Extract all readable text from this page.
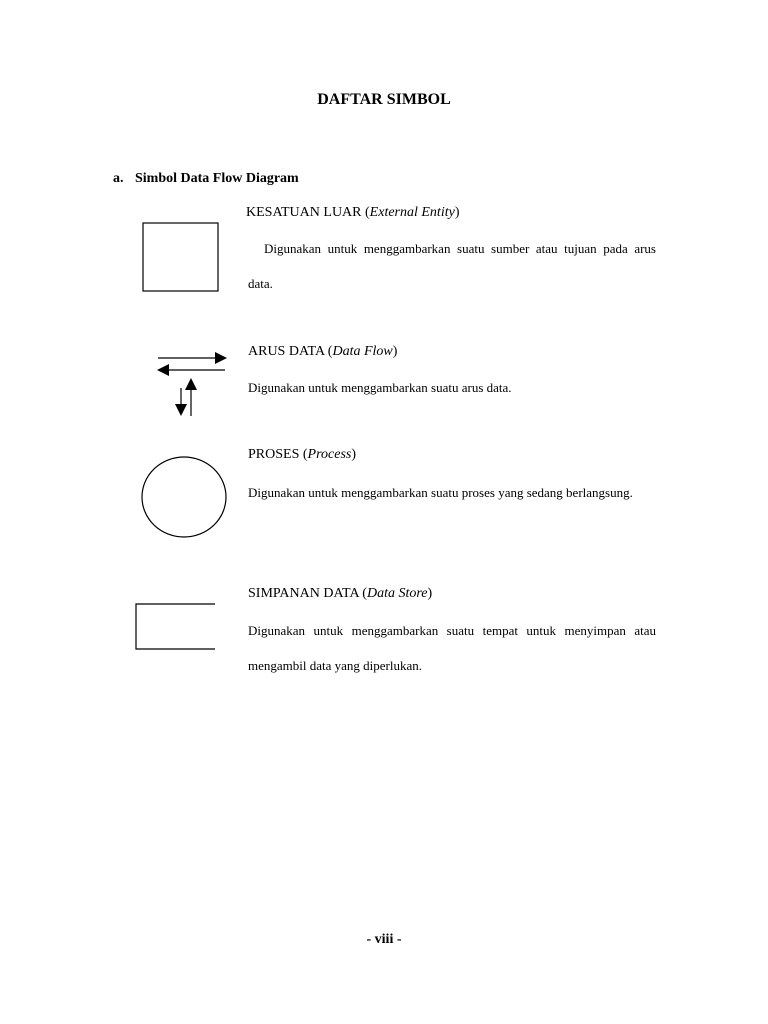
DAFTAR SIMBOL
a. Simbol Data Flow Diagram
KESATUAN LUAR (External Entity)
Digunakan untuk menggambarkan suatu sumber atau tujuan pada arus data.
ARUS DATA (Data Flow)
Digunakan untuk menggambarkan suatu arus data.
PROSES (Process)
Digunakan untuk menggambarkan suatu proses yang sedang berlangsung.
SIMPANAN DATA (Data Store)
Digunakan untuk menggambarkan suatu tempat untuk menyimpan atau mengambil data yang diperlukan.
- viii -
